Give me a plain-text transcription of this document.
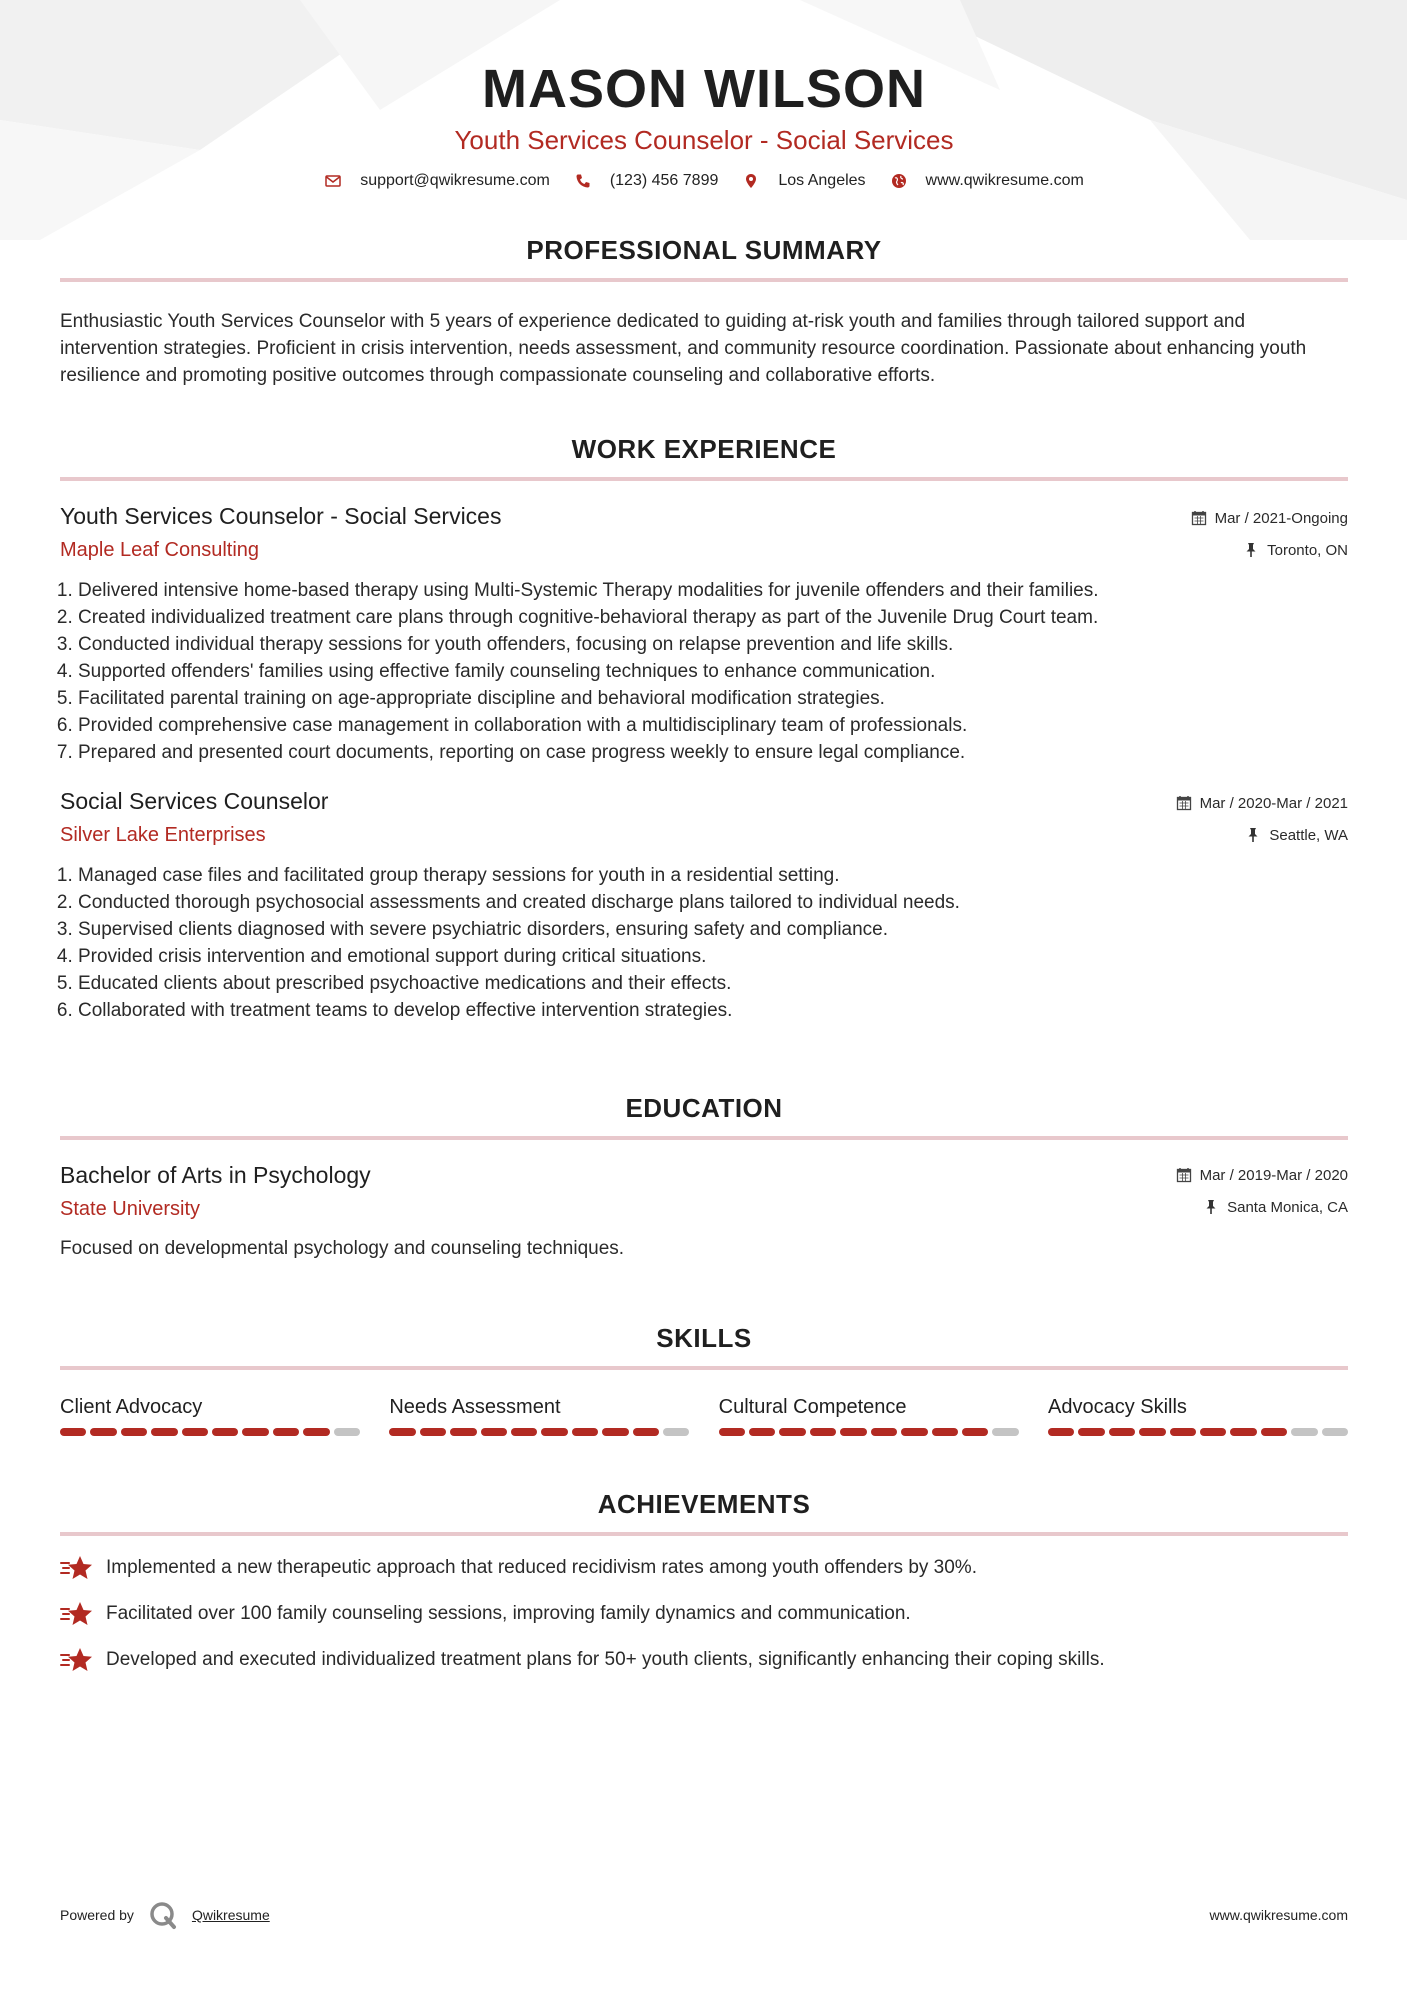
MASON WILSON
Youth Services Counselor - Social Services
support@qwikresume.com	(123) 456 7899	Los Angeles	www.qwikresume.com
PROFESSIONAL SUMMARY
Enthusiastic Youth Services Counselor with 5 years of experience dedicated to guiding at-risk youth and families through tailored support and intervention strategies. Proficient in crisis intervention, needs assessment, and community resource coordination. Passionate about enhancing youth resilience and promoting positive outcomes through compassionate counseling and collaborative efforts.
WORK EXPERIENCE
Youth Services Counselor - Social Services
Maple Leaf Consulting
Mar / 2021-Ongoing
Toronto, ON
1. Delivered intensive home-based therapy using Multi-Systemic Therapy modalities for juvenile offenders and their families.
2. Created individualized treatment care plans through cognitive-behavioral therapy as part of the Juvenile Drug Court team.
3. Conducted individual therapy sessions for youth offenders, focusing on relapse prevention and life skills.
4. Supported offenders' families using effective family counseling techniques to enhance communication.
5. Facilitated parental training on age-appropriate discipline and behavioral modification strategies.
6. Provided comprehensive case management in collaboration with a multidisciplinary team of professionals.
7. Prepared and presented court documents, reporting on case progress weekly to ensure legal compliance.
Social Services Counselor
Silver Lake Enterprises
Mar / 2020-Mar / 2021
Seattle, WA
1. Managed case files and facilitated group therapy sessions for youth in a residential setting.
2. Conducted thorough psychosocial assessments and created discharge plans tailored to individual needs.
3. Supervised clients diagnosed with severe psychiatric disorders, ensuring safety and compliance.
4. Provided crisis intervention and emotional support during critical situations.
5. Educated clients about prescribed psychoactive medications and their effects.
6. Collaborated with treatment teams to develop effective intervention strategies.
EDUCATION
Bachelor of Arts in Psychology
State University
Mar / 2019-Mar / 2020
Santa Monica, CA
Focused on developmental psychology and counseling techniques.
SKILLS
Client Advocacy	Needs Assessment	Cultural Competence	Advocacy Skills
ACHIEVEMENTS
Implemented a new therapeutic approach that reduced recidivism rates among youth offenders by 30%.
Facilitated over 100 family counseling sessions, improving family dynamics and communication.
Developed and executed individualized treatment plans for 50+ youth clients, significantly enhancing their coping skills.
Powered by	Qwikresume	www.qwikresume.com
